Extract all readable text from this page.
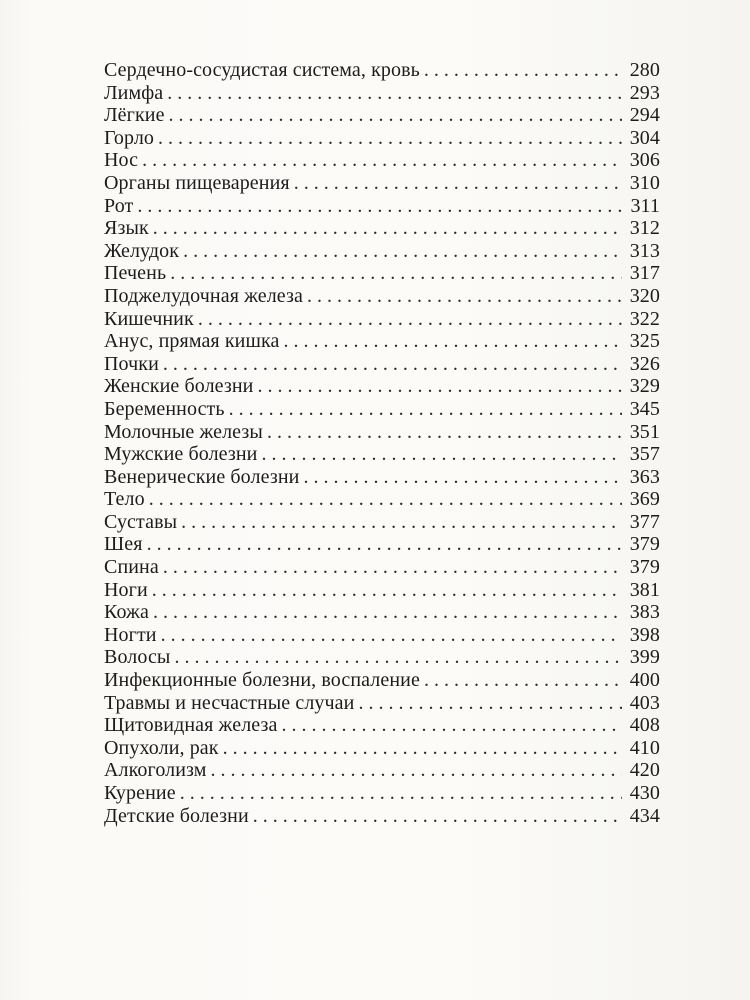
Сердечно-сосудистая система, кровь . . .	280
Лимфа . . .	293
Лёгкие . . .	294
Горло . . .	304
Нос . . .	306
Органы пищеварения . . .	310
Рот . . .	311
Язык . . .	312
Желудок . . .	313
Печень . . .	317
Поджелудочная железа . . .	320
Кишечник . . .	322
Анус, прямая кишка . . .	325
Почки . . .	326
Женские болезни . . .	329
Беременность . . .	345
Молочные железы . . .	351
Мужские болезни . . .	357
Венерические болезни . . .	363
Тело . . .	369
Суставы . . .	377
Шея . . .	379
Спина . . .	379
Ноги . . .	381
Кожа . . .	383
Ногти . . .	398
Волосы . . .	399
Инфекционные болезни, воспаление . . .	400
Травмы и несчастные случаи . . .	403
Щитовидная железа . . .	408
Опухоли, рак . . .	410
Алкоголизм . . .	420
Курение . . .	430
Детские болезни . . .	434
